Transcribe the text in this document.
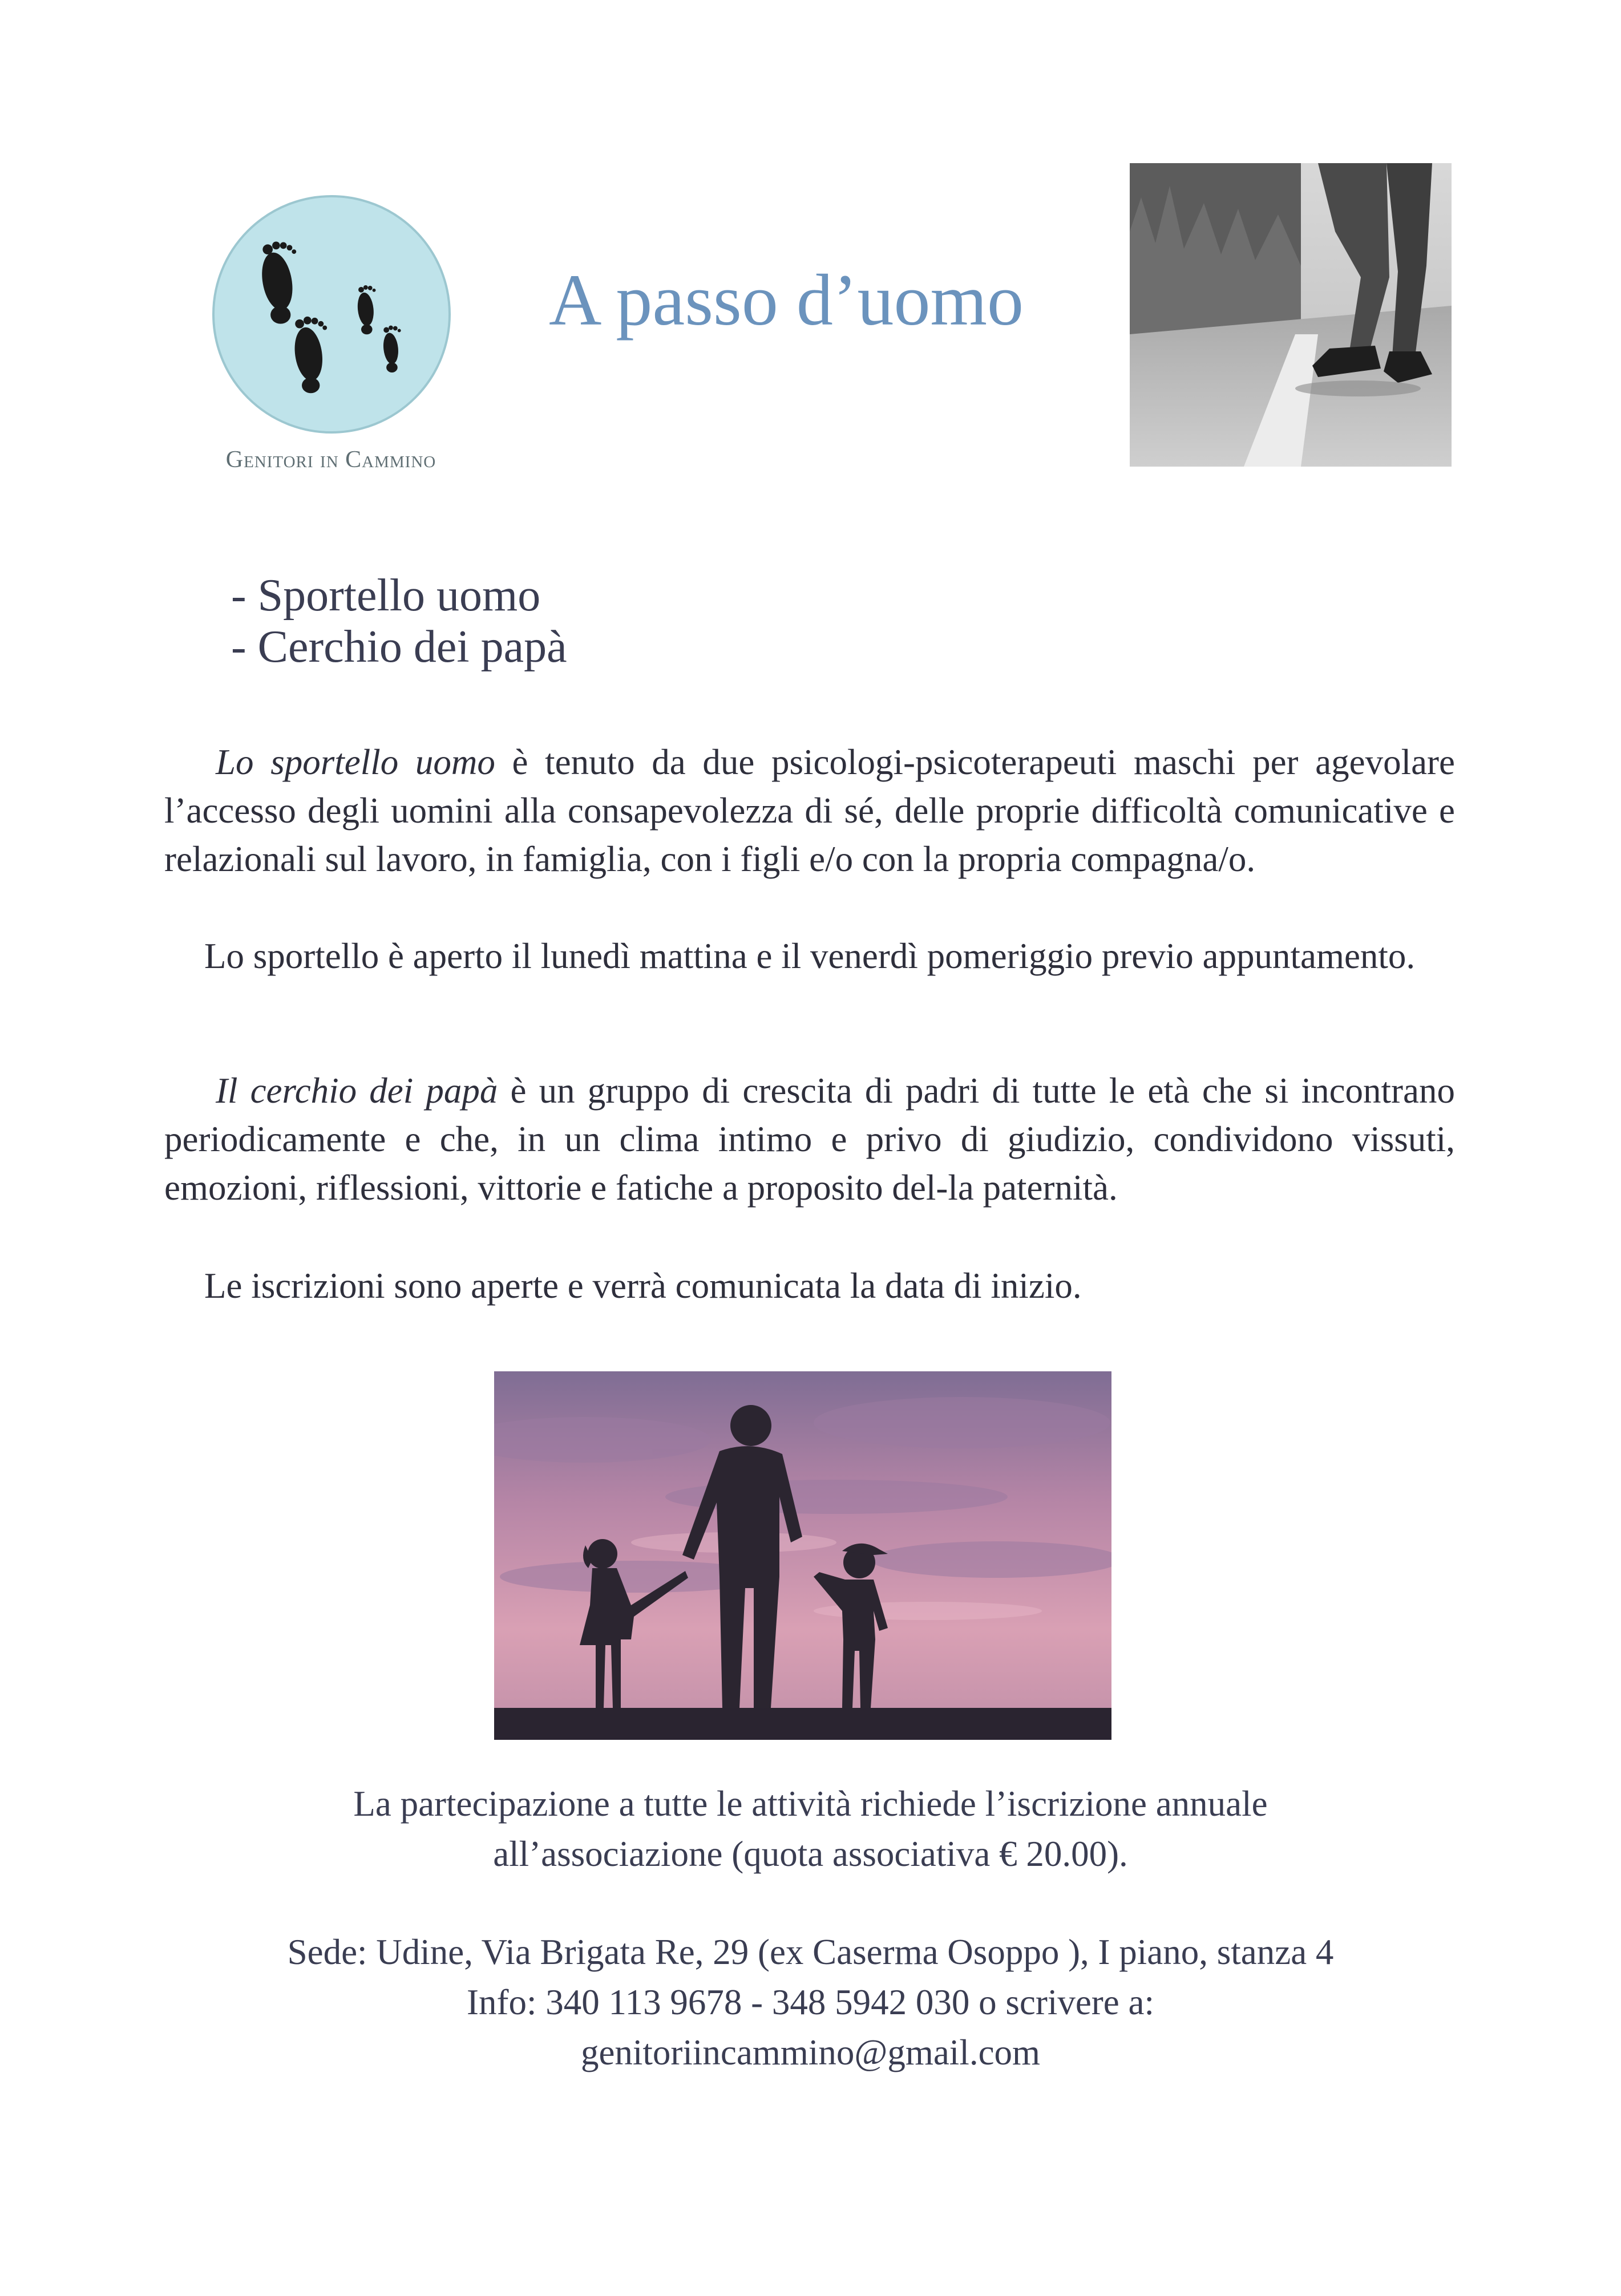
Genitori in Cammino
A passo d’uomo
- Sportello uomo
- Cerchio dei papà

Lo sportello uomo è tenuto da due psicologi-psicoterapeuti maschi per agevolare l’accesso degli uomini alla consapevolezza di sé, delle proprie difficoltà comunicative e relazionali sul lavoro, in famiglia, con i figli e/o con la propria compagna/o.

Lo sportello è aperto il lunedì mattina e il venerdì pomeriggio previo appuntamento.

Il cerchio dei papà è un gruppo di crescita di padri di tutte le età che si incontrano periodicamente e che, in un clima intimo e privo di giudizio, condividono vissuti, emozioni, riflessioni, vittorie e fatiche a proposito del-la paternità.

Le iscrizioni sono aperte e verrà comunicata la data di inizio.

La partecipazione a tutte le attività richiede l’iscrizione annuale
all’associazione (quota associativa € 20.00).

Sede: Udine, Via Brigata Re, 29 (ex Caserma Osoppo ), I piano, stanza 4
Info: 340 113 9678 - 348 5942 030 o scrivere a:
genitoriincammino@gmail.com
